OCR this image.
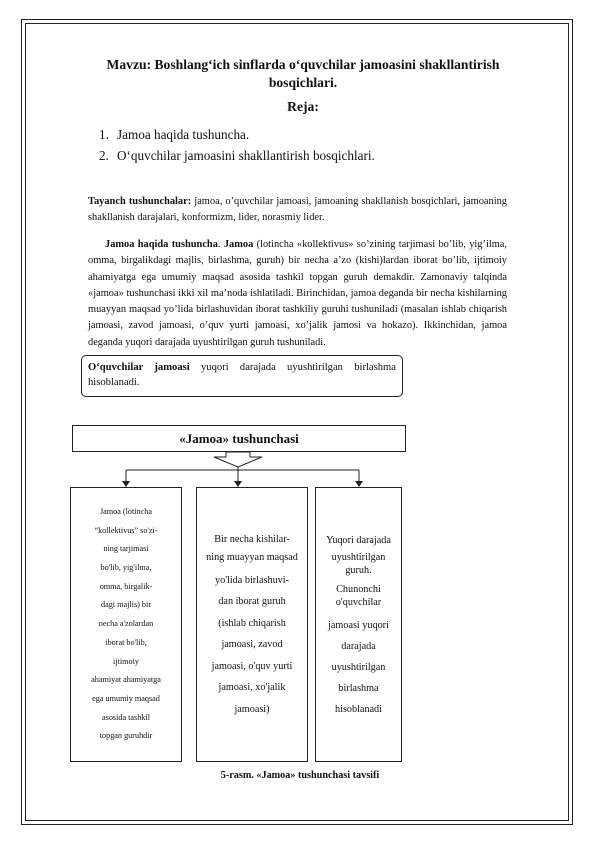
Mavzu: Boshlang‘ich sinflarda o‘quvchilar jamoasini shakllantirish bosqichlari.
Reja:
1. Jamoa haqida tushuncha.
2. O‘quvchilar jamoasini shakllantirish bosqichlari.

Tayanch tushunchalar: jamoa, o’quvchilar jamoasi, jamoaning shakllanish bosqichlari, jamoaning shakllanish darajalari, konformizm, lider, norasmiy lider.

Jamoa haqida tushuncha. Jamoa (lotincha «kollektivus» so’zining tarjimasi bo’lib, yig’ilma, omma, birgalikdagi majlis, birlashma, guruh) bir necha a’zo (kishi)lardan iborat bo’lib, ijtimoiy ahamiyatga ega umumiy maqsad asosida tashkil topgan guruh demakdir. Zamonaviy talqinda «jamoa» tushunchasi ikki xil ma’noda ishlatiladi. Birinchidan, jamoa deganda bir necha kishilarning muayyan maqsad yo’lida birlashuvidan iborat tashkiliy guruhi tushuniladi (masalan ishlab chiqarish jamoasi, zavod jamoasi, o’quv yurti jamoasi, xo’jalik jamosi va hokazo). Ikkinchidan, jamoa deganda yuqori darajada uyushtirilgan guruh tushuniladi.

O‘quvchilar jamoasi yuqori darajada uyushtirilgan birlashma hisoblanadi.
«Jamoa» tushunchasi
Jamoa (lotincha
“kollektivus” so'zi-
ning tarjimasi
bo'lib, yig'ilma,
omma, birgalik-
dagi majlis) bir
necha a'zolardan
iborat bo'lib,
ijtimoiy
ahamiyat ahamiyatga
ega umumiy maqsad
asosida tashkil
topgan guruhdir
Bir necha kishilar-
ning muayyan maqsad
yo'lida birlashuvi-
dan iborat guruh
(ishlab chiqarish
jamoasi, zavod
jamoasi, o'quv yurti
jamoasi, xo'jalik
jamoasi)
Yuqori darajada
uyushtirilgan guruh.
Chunonchi o'quvchilar
jamoasi yuqori
darajada
uyushtirilgan
birlashma
hisoblanadi
5-rasm. «Jamoa» tushunchasi tavsifi
